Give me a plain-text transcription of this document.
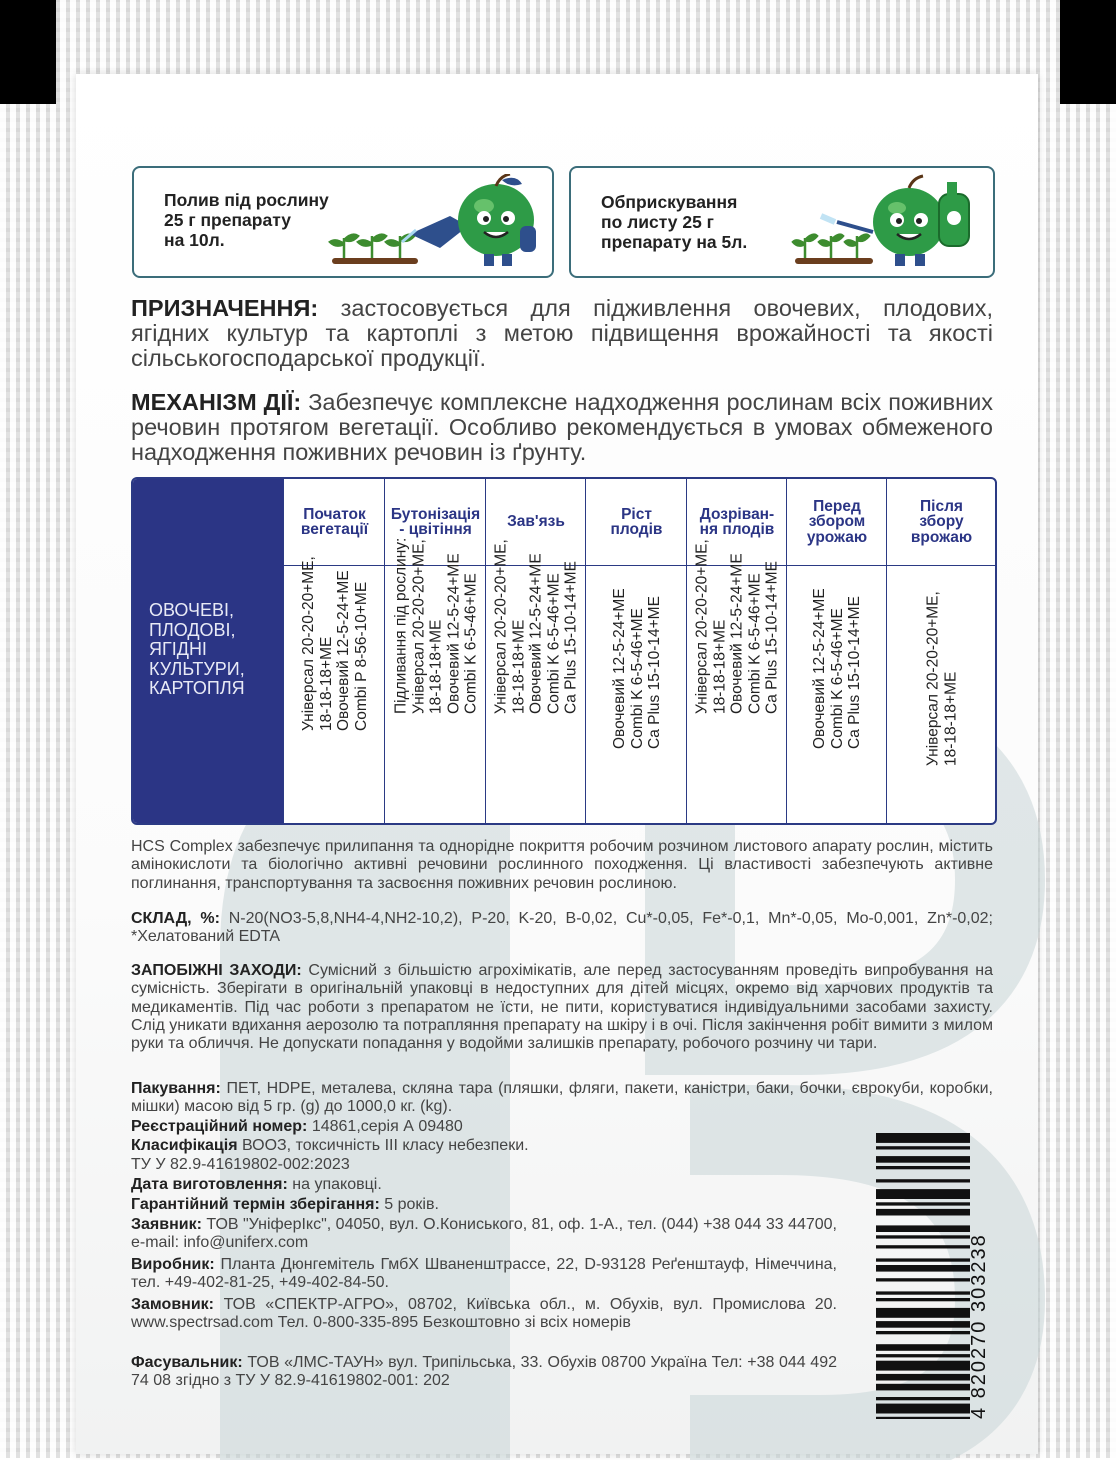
Полив під рослину
25 г препарату
на 10л.
Обприскування
по листу 25 г
препарату на 5л.
ПРИЗНАЧЕННЯ: застосовується для підживлення овочевих, плодових, ягідних культур та картоплі з метою підвищення врожайності та якості сільськогосподарської продукції.
МЕХАНІЗМ ДІЇ: Забезпечує комплексне надходження рослинам всіх поживних речовин протягом вегетації. Особливо рекомендується в умовах обмеженого надходження поживних речовин із ґрунту.
ОВОЧЕВІ,
ПЛОДОВІ,
ЯГІДНІ
КУЛЬТУРИ,
КАРТОПЛЯ
Початок
вегетації
Універсал 20-20-20+МЕ,
18-18-18+МЕ
Овочевий 12-5-24+МЕ
Combi P 8-56-10+МЕ
Бутонізація
- цвітіння
Підливання під рослину:
Універсал 20-20-20+МЕ,
18-18-18+МЕ
Овочевий 12-5-24+МЕ
Combi K 6-5-46+МЕ
Зав'язь
Універсал 20-20-20+МЕ,
18-18-18+МЕ
Овочевий 12-5-24+МЕ
Combi K 6-5-46+МЕ
Ca Plus 15-10-14+МЕ
Ріст
плодів
Овочевий 12-5-24+МЕ
Combi K 6-5-46+МЕ
Ca Plus 15-10-14+МЕ
Дозріван-
ня плодів
Універсал 20-20-20+МЕ,
18-18-18+МЕ
Овочевий 12-5-24+МЕ
Combi K 6-5-46+МЕ
Ca Plus 15-10-14+МЕ
Перед
збором
урожаю
Овочевий 12-5-24+МЕ
Combi K 6-5-46+МЕ
Ca Plus 15-10-14+МЕ
Після
збору
врожаю
Універсал 20-20-20+МЕ,
18-18-18+МЕ
HCS Complex забезпечує прилипання та однорідне покриття робочим розчином листового апарату рослин, містить амінокислоти та біологічно активні речовини рослинного походження. Ці властивості забезпечують активне поглинання, транспортування та засвоєння поживних речовин рослиною.
СКЛАД, %: N-20(NO3-5,8,NH4-4,NH2-10,2), P-20, K-20, B-0,02, Cu*-0,05, Fe*-0,1, Mn*-0,05, Mo-0,001, Zn*-0,02; *Хелатований EDTA
ЗАПОБІЖНІ ЗАХОДИ: Сумісний з більшістю агрохімікатів, але перед застосуванням проведіть випробування на сумісність. Зберігати в оригінальній упаковці в недоступних для дітей місцях, окремо від харчових продуктів та медикаментів. Під час роботи з препаратом не їсти, не пити, користуватися індивідуальними засобами захисту. Слід уникати вдихання аерозолю та потрапляння препарату на шкіру і в очі. Після закінчення робіт вимити з милом руки та обличчя. Не допускати попадання у водойми залишків препарату, робочого розчину чи тари.
Пакування: ПЕТ, HDPE, металева, скляна тара (пляшки, фляги, пакети, каністри, баки, бочки, єврокуби, коробки, мішки) масою від 5 гр. (g) до 1000,0 кг. (kg).
Реєстраційний номер: 14861,серія А 09480
Класифікація ВООЗ, токсичність ІІІ класу небезпеки.
ТУ У 82.9-41619802-002:2023
Дата виготовлення: на упаковці.
Гарантійний термін зберігання: 5 років.
Заявник: ТОВ "УніферІкс", 04050, вул. О.Кониського, 81, оф. 1-А., тел. (044) +38 044 33 44700, e-mail: info@uniferx.com
Виробник: Планта Дюнгемітель ГмбХ Шваненштрассе, 22, D-93128 Реґенштауф, Німеччина, тел. +49-402-81-25, +49-402-84-50.
Замовник: ТОВ «СПЕКТР-АГРО», 08702, Київська обл., м. Обухів, вул. Промислова 20. www.spectrsad.com Тел. 0-800-335-895 Безкоштовно зі всіх номерів
Фасувальник: ТОВ «ЛМС-ТАУН» вул. Трипільська, 33. Обухів 08700 Україна Тел: +38 044 492 74 08 згідно з ТУ У 82.9-41619802-001: 202	4 820270 303238
